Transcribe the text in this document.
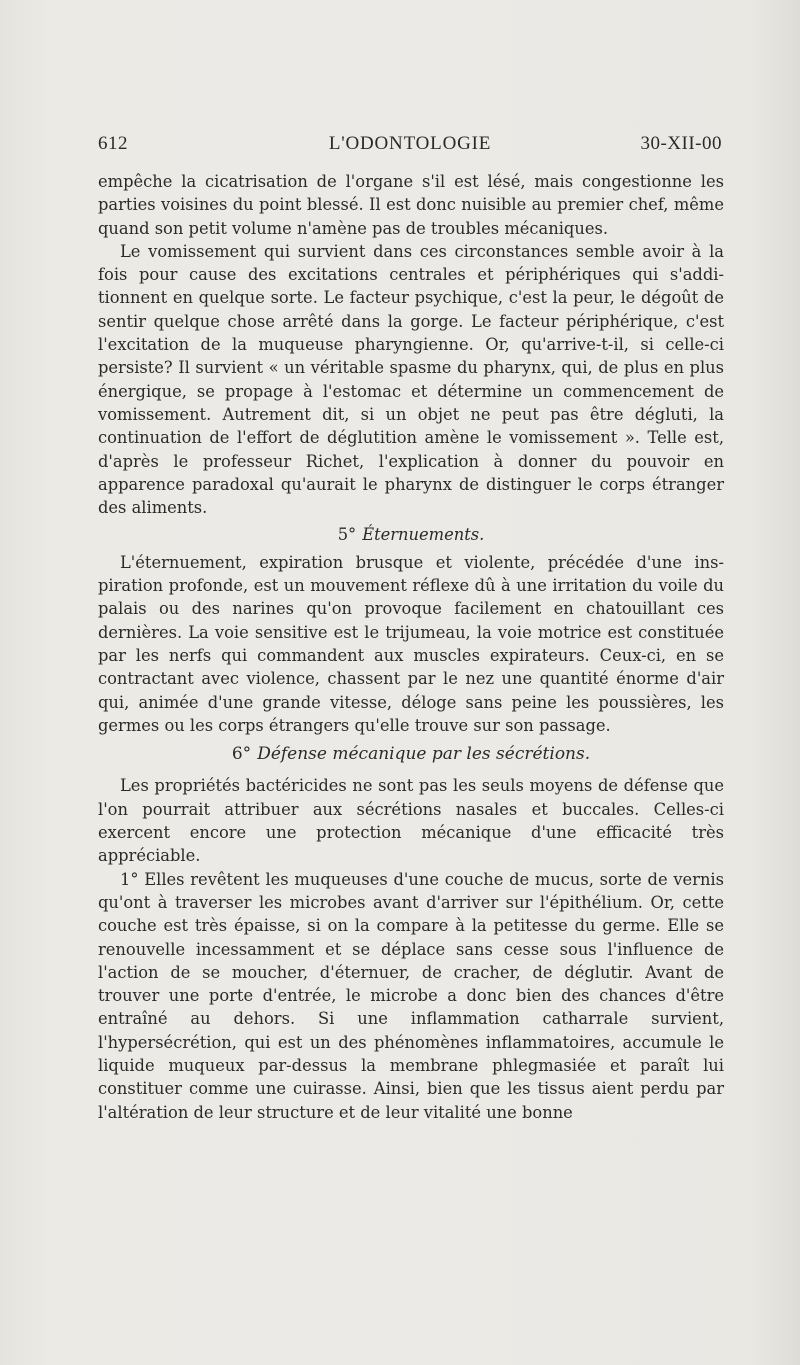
612	L'ODONTOLOGIE	30-XII-00

empêche la cicatrisation de l'organe s'il est lésé, mais congestionne les parties voisines du point blessé. Il est donc nuisible au premier chef, même quand son petit volume n'amène pas de troubles mécaniques.

Le vomissement qui survient dans ces circonstances semble avoir à la fois pour cause des excitations centrales et périphériques qui s'additionnent en quelque sorte. Le facteur psychique, c'est la peur, le dégoût de sentir quelque chose arrêté dans la gorge. Le facteur périphérique, c'est l'excitation de la muqueuse pharyngienne. Or, qu'arrive-t-il, si celle-ci persiste? Il survient « un véritable spasme du pharynx, qui, de plus en plus énergique, se propage à l'estomac et détermine un commencement de vomissement. Autrement dit, si un objet ne peut pas être dégluti, la continuation de l'effort de déglutition amène le vomissement ». Telle est, d'après le professeur Richet, l'explication à donner du pouvoir en apparence paradoxal qu'aurait le pharynx de distinguer le corps étranger des aliments.

5° Éternuements.

L'éternuement, expiration brusque et violente, précédée d'une inspiration profonde, est un mouvement réflexe dû à une irritation du voile du palais ou des narines qu'on provoque facilement en chatouillant ces dernières. La voie sensitive est le trijumeau, la voie motrice est constituée par les nerfs qui commandent aux muscles expirateurs. Ceux-ci, en se contractant avec violence, chassent par le nez une quantité énorme d'air qui, animée d'une grande vitesse, déloge sans peine les poussières, les germes ou les corps étrangers qu'elle trouve sur son passage.

6° Défense mécanique par les sécrétions.

Les propriétés bactéricides ne sont pas les seuls moyens de défense que l'on pourrait attribuer aux sécrétions nasales et buccales. Celles-ci exercent encore une protection mécanique d'une efficacité très appréciable.

1° Elles revêtent les muqueuses d'une couche de mucus, sorte de vernis qu'ont à traverser les microbes avant d'arriver sur l'épithélium. Or, cette couche est très épaisse, si on la compare à la petitesse du germe. Elle se renouvelle incessamment et se déplace sans cesse sous l'influence de l'action de se moucher, d'éternuer, de cracher, de déglutir. Avant de trouver une porte d'entrée, le microbe a donc bien des chances d'être entraîné au dehors. Si une inflammation catharrale survient, l'hypersécrétion, qui est un des phénomènes inflammatoires, accumule le liquide muqueux par-dessus la membrane phlegmasiée et paraît lui constituer comme une cuirasse. Ainsi, bien que les tissus aient perdu par l'altération de leur structure et de leur vitalité une bonne
